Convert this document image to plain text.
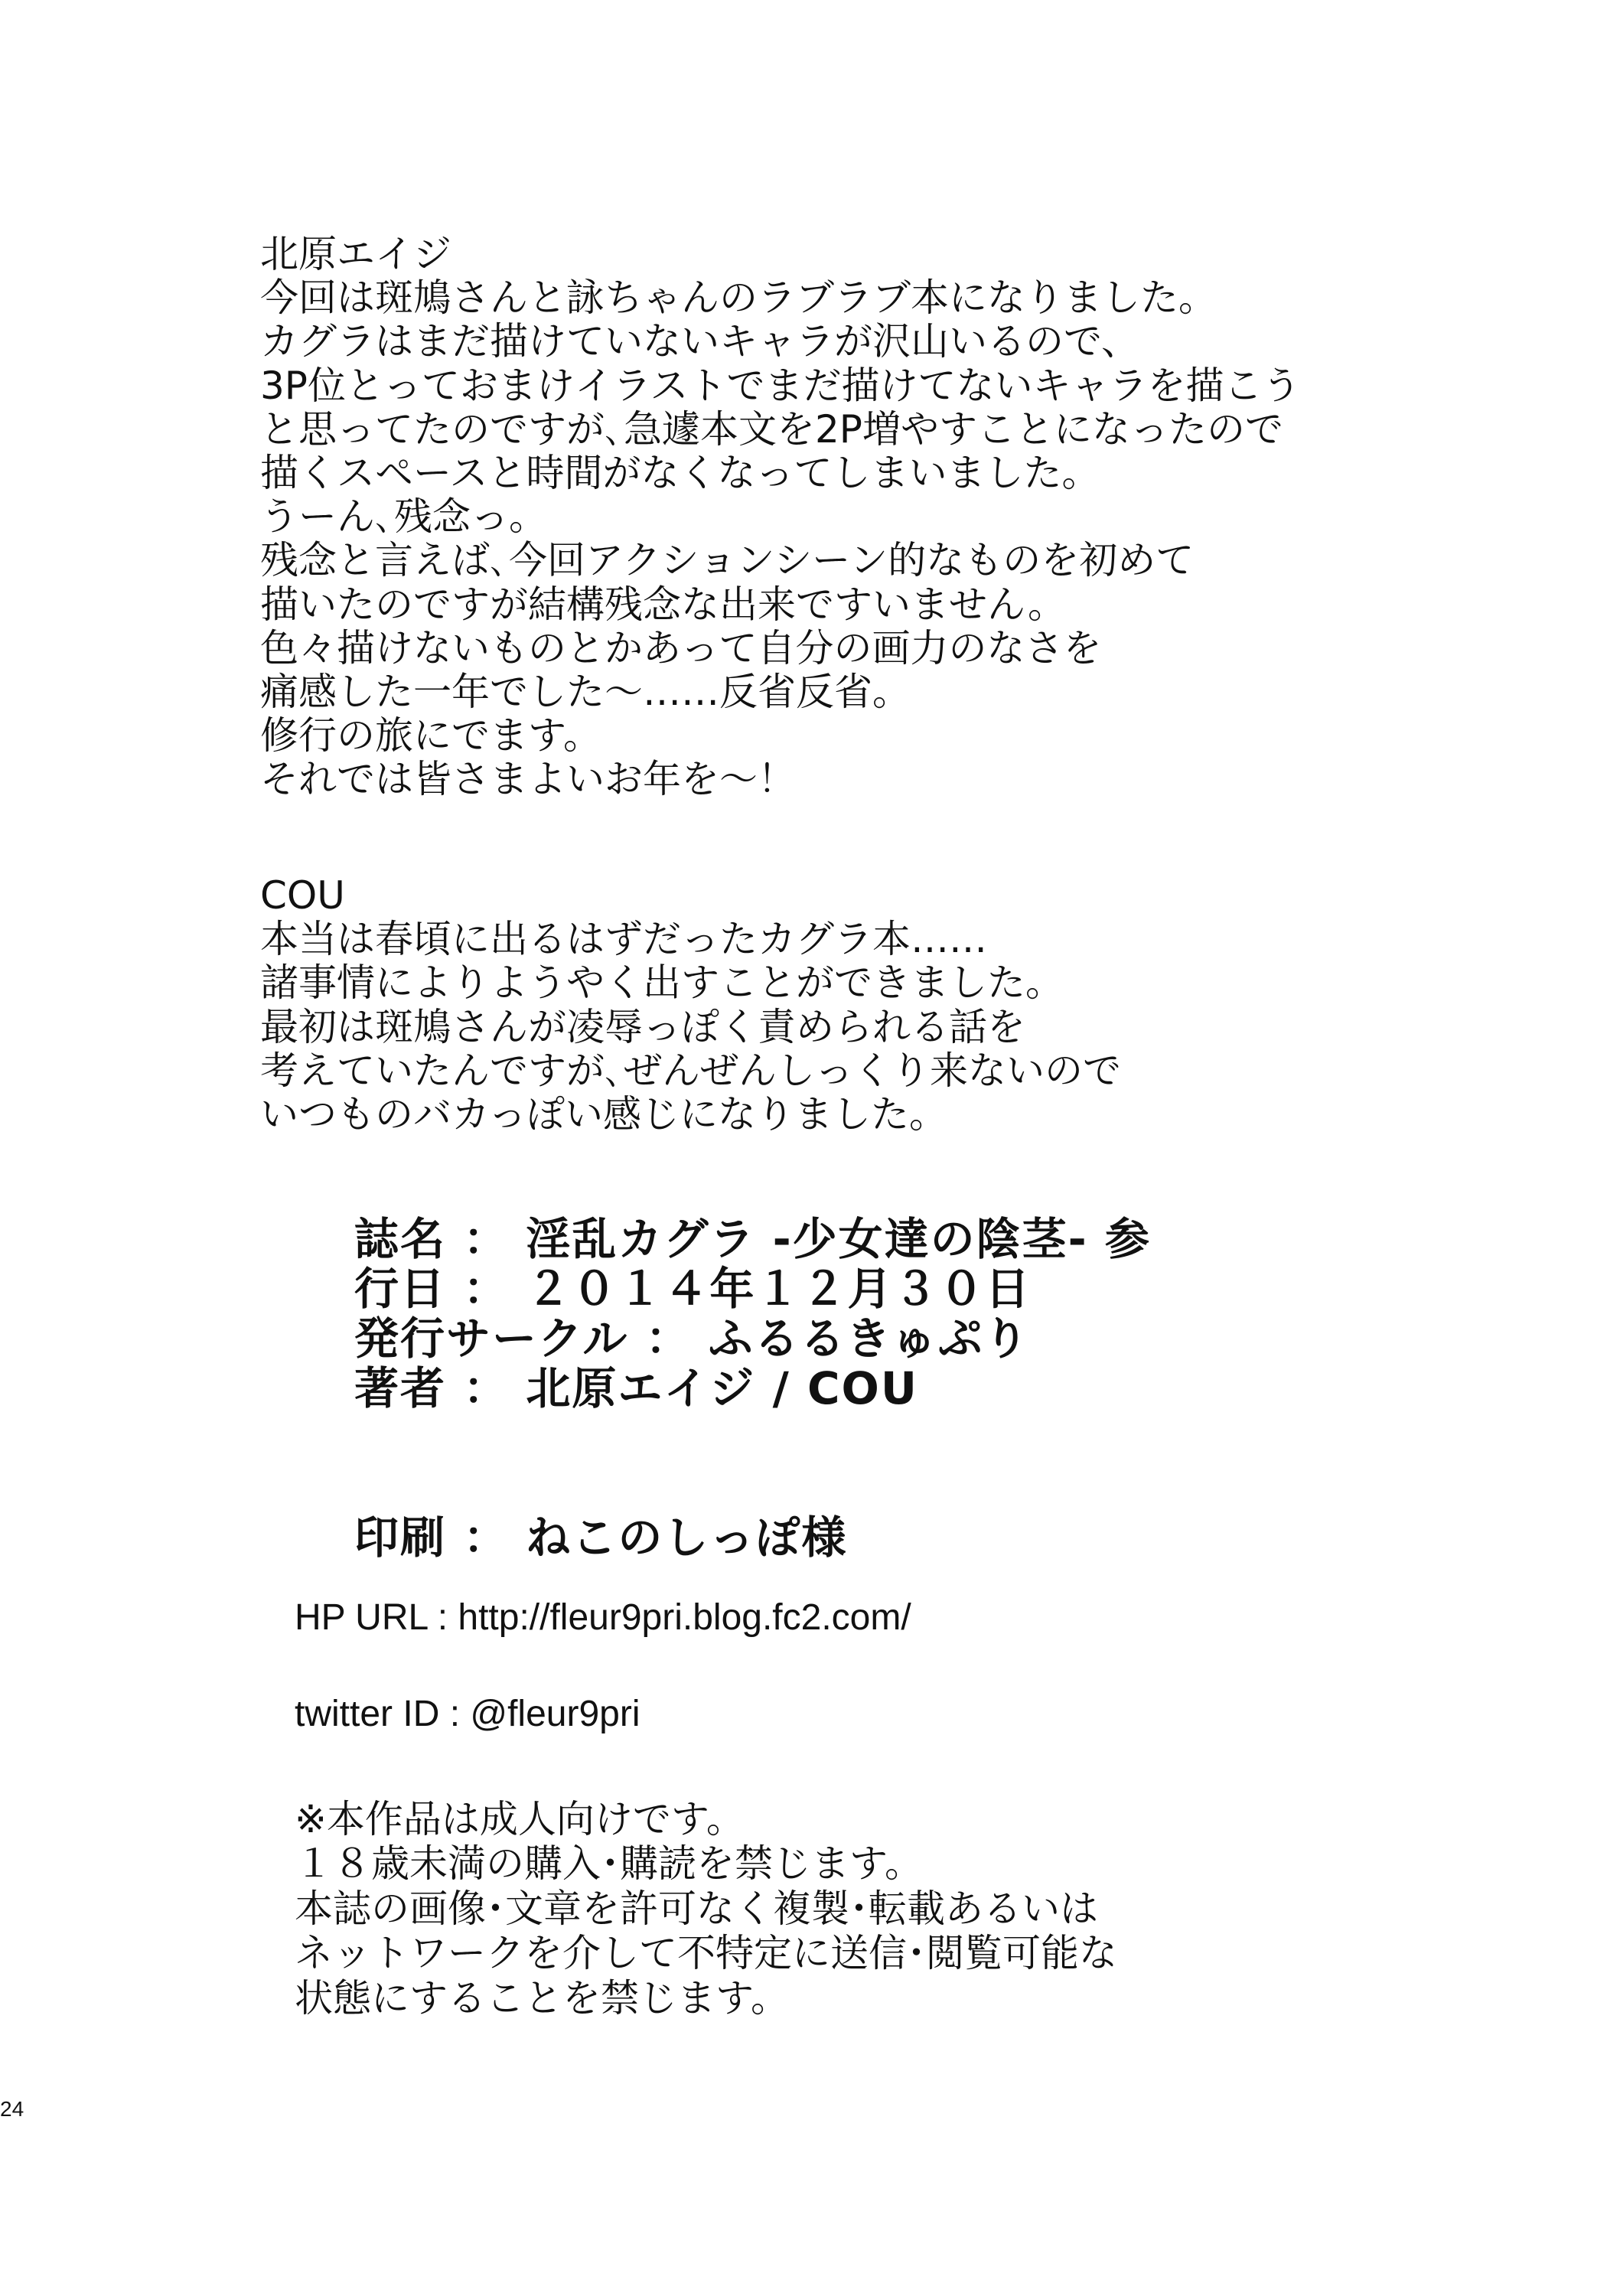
北原エイジ
今回は斑鳩さんと詠ちゃんのラブラブ本になりました。
カグラはまだ描けていないキャラが沢山いるので、
3P位とっておまけイラストでまだ描けてないキャラを描こう
と思ってたのですが､急遽本文を2P増やすことになったので
描くスペースと時間がなくなってしまいました。
うーん､残念っ。
残念と言えば､今回アクションシーン的なものを初めて
描いたのですが結構残念な出来ですいません。
色々描けないものとかあって自分の画力のなさを
痛感した一年でした〜……反省反省。
修行の旅にでます。
それでは皆さまよいお年を〜！
COU
本当は春頃に出るはずだったカグラ本……
諸事情によりようやく出すことができました。
最初は斑鳩さんが凌辱っぽく責められる話を
考えていたんですが､ぜんぜんしっくり来ないので
いつものバカっぽい感じになりました。
誌名 ： 淫乱カグラ -少女達の陰茎- 参
行日 ： ２０１４年１２月３０日
発行サークル ： ふるるきゅぷり
著者 ： 北原エイジ / COU
印刷 ： ねこのしっぽ様
HP URL : http://fleur9pri.blog.fc2.com/
twitter ID : @fleur9pri
※本作品は成人向けです。
１８歳未満の購入･購読を禁じます。
本誌の画像･文章を許可なく複製･転載あるいは
ネットワークを介して不特定に送信･閲覧可能な
状態にすることを禁じます。
24
